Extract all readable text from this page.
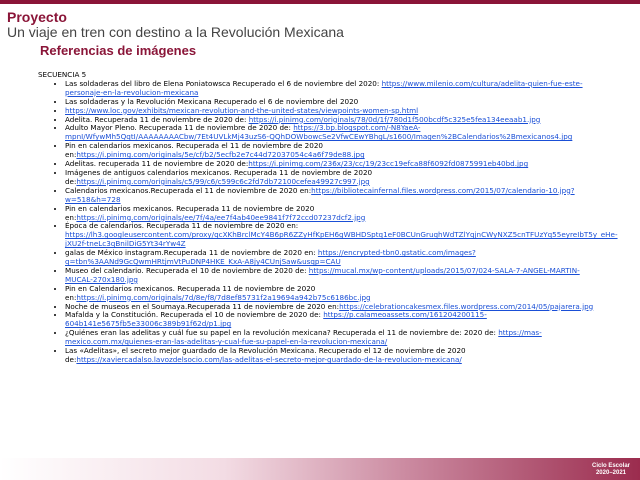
Proyecto
Un viaje en tren con destino a la Revolución Mexicana
Referencias de imágenes
SECUENCIA 5
• Las soldaderas del libro de Elena Poniatowsca Recuperado el 6 de noviembre del 2020: https://www.milenio.com/cultura/adelita-quien-fue-este-personaje-en-la-revolucion-mexicana
• Las soldaderas y la Revolución Mexicana Recuperado el 6 de noviembre del 2020
• https://www.loc.gov/exhibits/mexican-revolution-and-the-united-states/viewpoints-women-sp.html
• Adelita. Recuperada 11 de noviembre de 2020 de: https://i.pinimg.com/originals/78/0d/1f/780d1f500bcdf5c325e5fea134eeaab1.jpg
• Adulto Mayor Pleno. Recuperada 11 de noviembre de 2020 de: https://3.bp.blogspot.com/-N8YaeA-mpnI/WfywMh5QqtI/AAAAAAAACbw/7Et4UVLkMj43uzS6-QQhDOWbowcSe2VfwCEwYBhgL/s1600/Imagen%2BCalendarios%2Bmexicanos4.jpg
• Pin en calendarios mexicanos. Recuperada el 11 de noviembre de 2020 en:https://i.pinimg.com/originals/5e/cf/b2/5ecfb2e7c44d72037054c4a6f79de88.jpg
• Adelitas. recuperada 11 de noviembre de 2020 de:https://i.pinimg.com/236x/23/cc/19/23cc19efca88f6092fd0875991eb40bd.jpg
• Imágenes de antiguos calendarios mexicanos. Recuperada 11 de noviembre de 2020 de:https://i.pinimg.com/originals/c5/99/c6/c599c6c2fd7db72100cefea49927c997.jpg
• Calendarios mexicanos.Recuperada el 11 de noviembre de 2020 en:https://bibliotecainfernal.files.wordpress.com/2015/07/calendario-10.jpg?w=518&h=728
• Pin en calendarios mexicanos. Recuperada 11 de noviembre de 2020 en:https://i.pinimg.com/originals/ee/7f/4a/ee7f4ab40ee9841f7f72ccd07237dcf2.jpg
• Época de calendarios. Recuperada 11 de noviembre de 2020 en: https://lh3.googleusercontent.com/proxy/qcXKhBrclMcY4B6pR6ZZyHfKpEH6gWBHDSptq1eF0BCUnGruqhWdTZlYqjnCWyNXZ5cnTFUzYq55eyreIbT5y_eHe-jXU2f-tneLc3qBnilDiG5Yt34rYw4Z
• galas de México instagram.Recuperada 11 de noviembre de 2020 en: https://encrypted-tbn0.gstatic.com/images?q=tbn%3AANd9GcQwmHRtjmVtPuDNP4HKE_KxA-A8jy4CUnjSaw&usqp=CAU
• Museo del calendario. Recuperada el 10 de noviembre de 2020 de: https://mucal.mx/wp-content/uploads/2015/07/024-SALA-7-ANGEL-MARTIN-MUCAL-270x180.jpg
• Pin en Calendarios mexicanos. Recuperada 11 de noviembre de 2020 en:https://i.pinimg.com/originals/7d/8e/f8/7d8ef85731f2a19694a942b75c6186bc.jpg
• Noche de museos en el Soumaya.Recuperada 11 de noviembre de 2020 en:https://celebrationcakesmex.files.wordpress.com/2014/05/pajarera.jpg
• Mafalda y la Constitución. Recuperada el 10 de noviembre de 2020 de: https://p.calameoassets.com/161204200115-604b141e5675fb5e33006c389b91f62d/p1.jpg
• ¿Quiénes eran las adelitas y cuál fue su papel en la revolución mexicana? Recuperada el 11 de noviembre de: 2020 de: https://mas-mexico.com.mx/quienes-eran-las-adelitas-y-cual-fue-su-papel-en-la-revolucion-mexicana/
• Las «Adelitas», el secreto mejor guardado de la Revolución Mexicana. Recuperado el 12 de noviembre de 2020 de:https://xaviercadalso.lavozdelsocio.com/las-adelitas-el-secreto-mejor-guardado-de-la-revolucion-mexicana/
Ciclo Escolar
2020–2021
